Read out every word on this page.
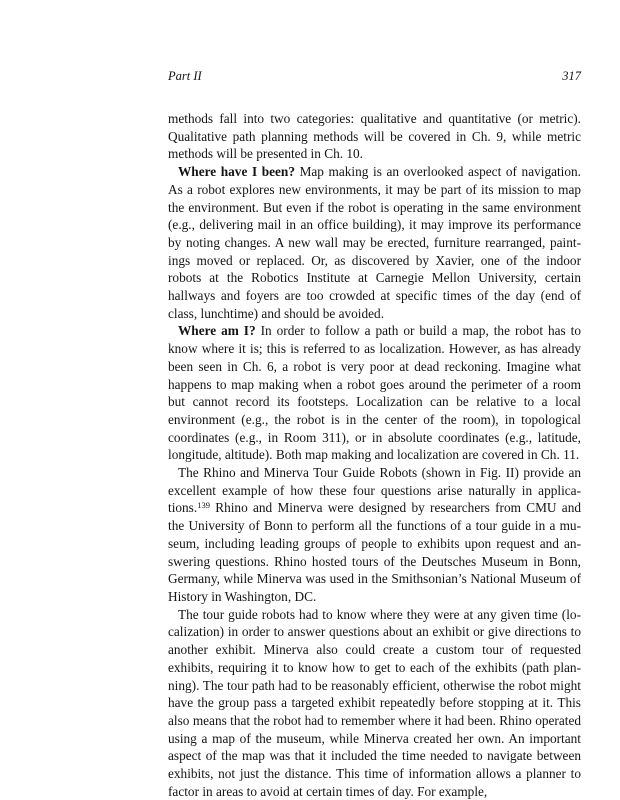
Part II	317

methods fall into two categories: qualitative and quantitative (or metric). Qualitative path planning methods will be covered in Ch. 9, while metric methods will be presented in Ch. 10.

Where have I been? Map making is an overlooked aspect of navigation. As a robot explores new environments, it may be part of its mission to map the environment. But even if the robot is operating in the same environment (e.g., delivering mail in an office building), it may improve its performance by noting changes. A new wall may be erected, furniture rearranged, paintings moved or replaced. Or, as discovered by Xavier, one of the indoor robots at the Robotics Institute at Carnegie Mellon University, certain hallways and foyers are too crowded at specific times of the day (end of class, lunchtime) and should be avoided.

Where am I? In order to follow a path or build a map, the robot has to know where it is; this is referred to as localization. However, as has already been seen in Ch. 6, a robot is very poor at dead reckoning. Imagine what happens to map making when a robot goes around the perimeter of a room but cannot record its footsteps. Localization can be relative to a local environment (e.g., the robot is in the center of the room), in topological coordinates (e.g., in Room 311), or in absolute coordinates (e.g., latitude, longitude, altitude). Both map making and localization are covered in Ch. 11.

The Rhino and Minerva Tour Guide Robots (shown in Fig. II) provide an excellent example of how these four questions arise naturally in applications.$^{139}$ Rhino and Minerva were designed by researchers from CMU and the University of Bonn to perform all the functions of a tour guide in a museum, including leading groups of people to exhibits upon request and answering questions. Rhino hosted tours of the Deutsches Museum in Bonn, Germany, while Minerva was used in the Smithsonian’s National Museum of History in Washington, DC.

The tour guide robots had to know where they were at any given time (localization) in order to answer questions about an exhibit or give directions to another exhibit. Minerva also could create a custom tour of requested exhibits, requiring it to know how to get to each of the exhibits (path planning). The tour path had to be reasonably efficient, otherwise the robot might have the group pass a targeted exhibit repeatedly before stopping at it. This also means that the robot had to remember where it had been. Rhino operated using a map of the museum, while Minerva created her own. An important aspect of the map was that it included the time needed to navigate between exhibits, not just the distance. This time of information allows a planner to factor in areas to avoid at certain times of day. For example,
